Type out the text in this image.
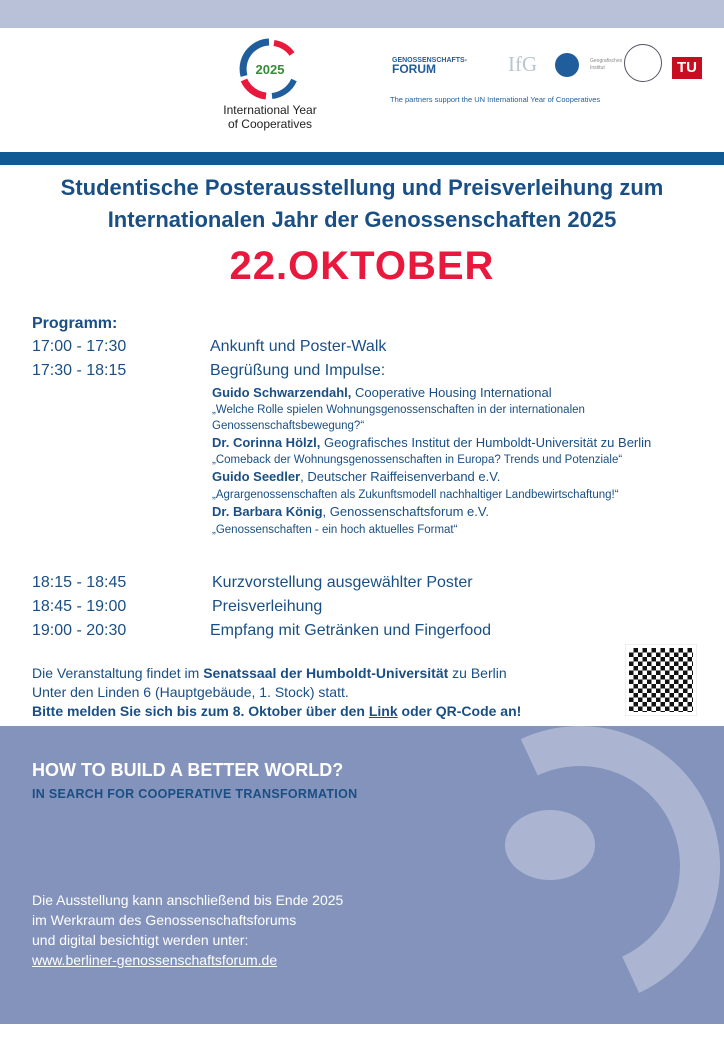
2025
International Year
of Cooperatives
GENOSSENSCHAFTS-
FORUM	IfG	Geografisches
Institut	TU
The partners support the UN International Year of Cooperatives
Studentische Posterausstellung und Preisverleihung zum
Internationalen Jahr der Genossenschaften 2025
22.OKTOBER
Programm:
17:00 - 17:30	Ankunft und Poster-Walk
17:30 - 18:15	Begrüßung und Impulse:
Guido Schwarzendahl, Cooperative Housing International
„Welche Rolle spielen Wohnungsgenossenschaften in der internationalen
Genossenschaftsbewegung?“
Dr. Corinna Hölzl, Geografisches Institut der Humboldt-Universität zu Berlin
„Comeback der Wohnungsgenossenschaften in Europa? Trends und Potenziale“
Guido Seedler, Deutscher Raiffeisenverband e.V.
„Agrargenossenschaften als Zukunftsmodell nachhaltiger Landbewirtschaftung!“
Dr. Barbara König, Genossenschaftsforum e.V.
„Genossenschaften - ein hoch aktuelles Format“
18:15 - 18:45	Kurzvorstellung ausgewählter Poster
18:45 - 19:00	Preisverleihung
19:00 - 20:30	Empfang mit Getränken und Fingerfood
Die Veranstaltung findet im Senatssaal der Humboldt-Universität zu Berlin
Unter den Linden 6 (Hauptgebäude, 1. Stock) statt.
Bitte melden Sie sich bis zum 8. Oktober über den Link oder QR-Code an!
HOW TO BUILD A BETTER WORLD?
IN SEARCH FOR COOPERATIVE TRANSFORMATION
Die Ausstellung kann anschließend bis Ende 2025
im Werkraum des Genossenschaftsforums
und digital besichtigt werden unter:
www.berliner-genossenschaftsforum.de
